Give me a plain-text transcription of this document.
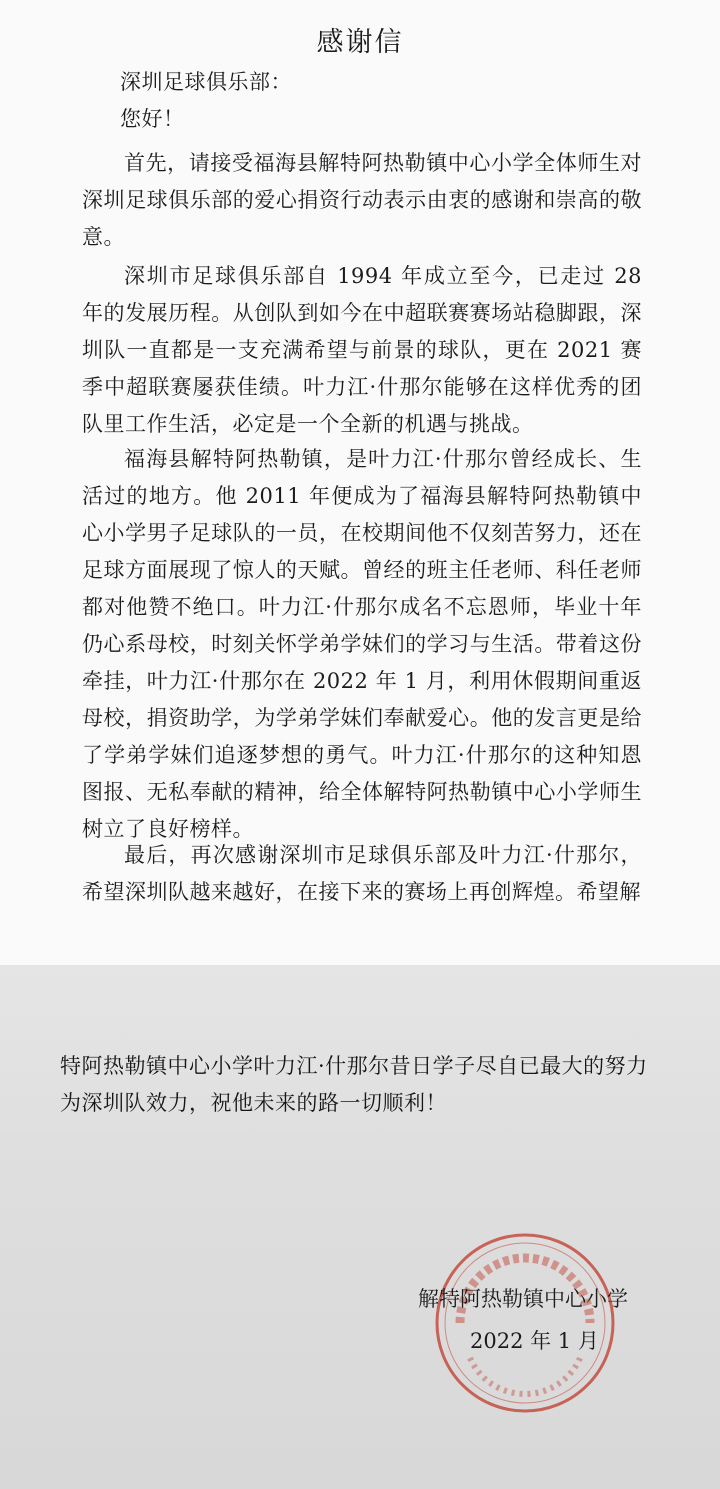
﻿
感谢信
深圳足球俱乐部：
您好！
首先，请接受福海县解特阿热勒镇中心小学全体师生对深圳足球俱乐部的爱心捐资行动表示由衷的感谢和崇高的敬意。
深圳市足球俱乐部自 1994 年成立至今，已走过 28 年的发展历程。从创队到如今在中超联赛赛场站稳脚跟，深圳队一直都是一支充满希望与前景的球队，更在 2021 赛季中超联赛屡获佳绩。叶力江·什那尔能够在这样优秀的团队里工作生活，必定是一个全新的机遇与挑战。
福海县解特阿热勒镇，是叶力江·什那尔曾经成长、生活过的地方。他 2011 年便成为了福海县解特阿热勒镇中心小学男子足球队的一员，在校期间他不仅刻苦努力，还在足球方面展现了惊人的天赋。曾经的班主任老师、科任老师都对他赞不绝口。叶力江·什那尔成名不忘恩师，毕业十年仍心系母校，时刻关怀学弟学妹们的学习与生活。带着这份牵挂，叶力江·什那尔在 2022 年 1 月，利用休假期间重返母校，捐资助学，为学弟学妹们奉献爱心。他的发言更是给了学弟学妹们追逐梦想的勇气。叶力江·什那尔的这种知恩图报、无私奉献的精神，给全体解特阿热勒镇中心小学师生树立了良好榜样。
最后，再次感谢深圳市足球俱乐部及叶力江·什那尔，希望深圳队越来越好，在接下来的赛场上再创辉煌。希望解
特阿热勒镇中心小学叶力江·什那尔昔日学子尽自已最大的努力为深圳队效力，祝他未来的路一切顺利！
解特阿热勒镇中心小学
2022 年 1 月
